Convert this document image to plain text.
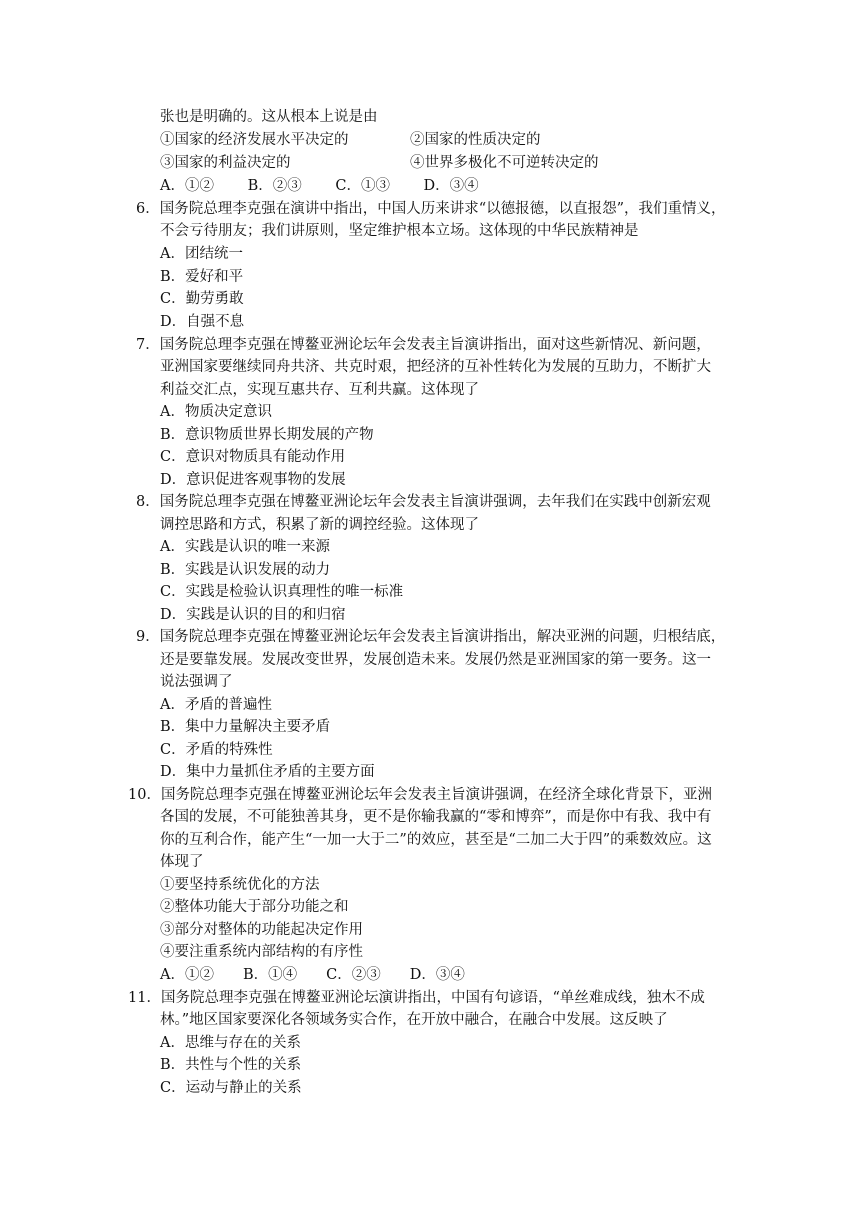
张也是明确的。这从根本上说是由
①国家的经济发展水平决定的	②国家的性质决定的
③国家的利益决定的	④世界多极化不可逆转决定的
A．①②　　 B．②③　　 C．①③　　 D．③④
6．国务院总理李克强在演讲中指出，中国人历来讲求“以德报德，以直报怨”，我们重情义，
不会亏待朋友；我们讲原则，坚定维护根本立场。这体现的中华民族精神是
A．团结统一
B．爱好和平
C．勤劳勇敢
D．自强不息
7．国务院总理李克强在博鳌亚洲论坛年会发表主旨演讲指出，面对这些新情况、新问题，
亚洲国家要继续同舟共济、共克时艰，把经济的互补性转化为发展的互助力，不断扩大
利益交汇点，实现互惠共存、互利共赢。这体现了
A．物质决定意识
B．意识物质世界长期发展的产物
C．意识对物质具有能动作用
D．意识促进客观事物的发展
8．国务院总理李克强在博鳌亚洲论坛年会发表主旨演讲强调，去年我们在实践中创新宏观
调控思路和方式，积累了新的调控经验。这体现了
A．实践是认识的唯一来源
B．实践是认识发展的动力
C．实践是检验认识真理性的唯一标准
D．实践是认识的目的和归宿
9．国务院总理李克强在博鳌亚洲论坛年会发表主旨演讲指出，解决亚洲的问题，归根结底，
还是要靠发展。发展改变世界，发展创造未来。发展仍然是亚洲国家的第一要务。这一
说法强调了
A．矛盾的普遍性
B．集中力量解决主要矛盾
C．矛盾的特殊性
D．集中力量抓住矛盾的主要方面
10．国务院总理李克强在博鳌亚洲论坛年会发表主旨演讲强调，在经济全球化背景下，亚洲
各国的发展，不可能独善其身，更不是你输我赢的“零和博弈”，而是你中有我、我中有
你的互利合作，能产生“一加一大于二”的效应，甚至是“二加二大于四”的乘数效应。这
体现了
①要坚持系统优化的方法
②整体功能大于部分功能之和
③部分对整体的功能起决定作用
④要注重系统内部结构的有序性
A．①②　　B．①④　　C．②③　　D．③④
11．国务院总理李克强在博鳌亚洲论坛演讲指出，中国有句谚语，“单丝难成线，独木不成
林。”地区国家要深化各领域务实合作，在开放中融合，在融合中发展。这反映了
A．思维与存在的关系
B．共性与个性的关系
C．运动与静止的关系
